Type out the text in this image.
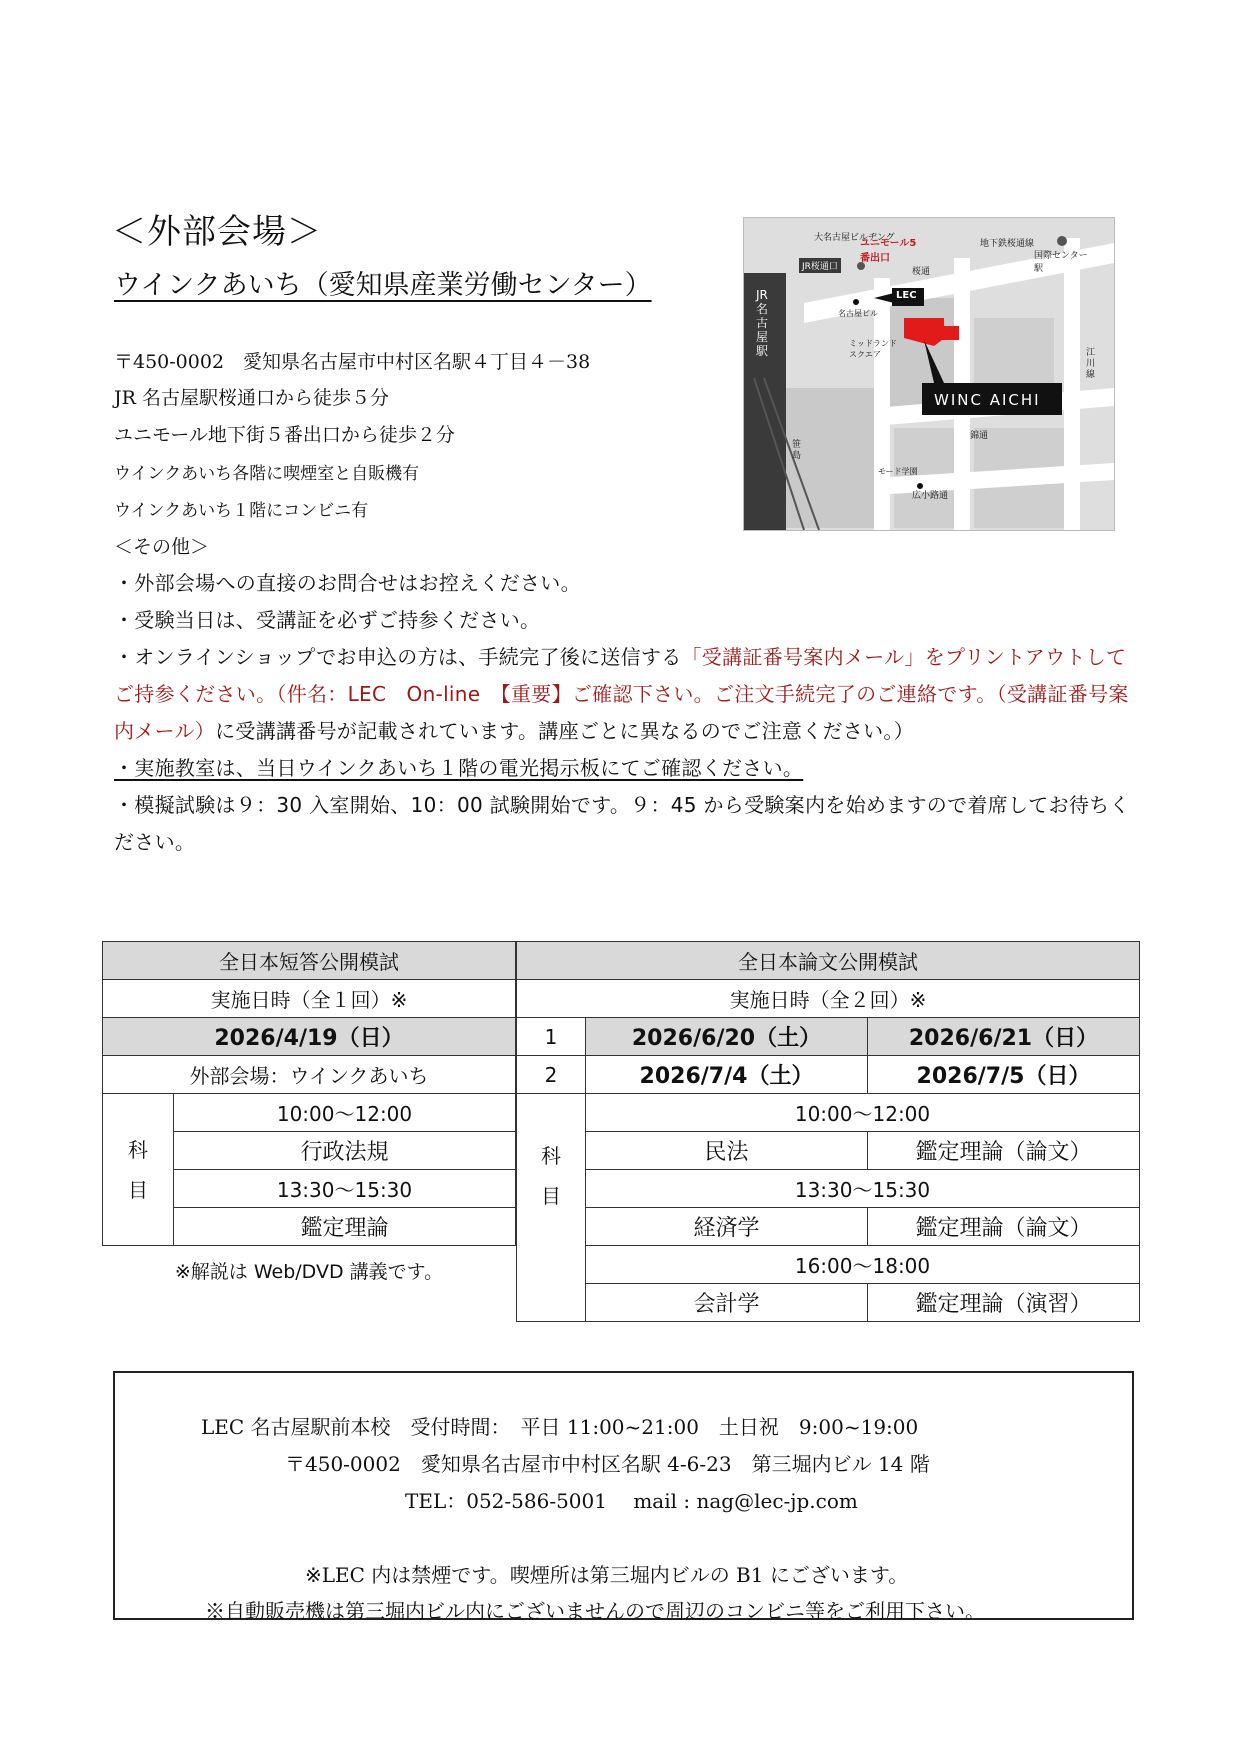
＜外部会場＞
ウインクあいち（愛知県産業労働センター）
〒450-0002　愛知県名古屋市中村区名駅４丁目４－38
JR 名古屋駅桜通口から徒歩５分
ユニモール地下街５番出口から徒歩２分
ウインクあいち各階に喫煙室と自販機有
ウインクあいち１階にコンビニ有
＜その他＞
・外部会場への直接のお問合せはお控えください。
・受験当日は、受講証を必ずご持参ください。
・オンラインショップでお申込の方は、手続完了後に送信する「受講証番号案内メール」をプリントアウトしてご持参ください。（件名：LEC　On-line　【重要】ご確認下さい。ご注文手続完了のご連絡です。（受講証番号案内メール）に受講講番号が記載されています。講座ごとに異なるのでご注意ください。）
・実施教室は、当日ウインクあいち１階の電光掲示板にてご確認ください。
・模擬試験は９：30 入室開始、10：00 試験開始です。９：45 から受験案内を始めますので着席してお待ちください。
大名古屋ビルヂング
ユニモール5番出口
地下鉄桜通線
国際センター駅
JR桜通口	桜通
LEC
名古屋ビル
JR名古屋駅
ミッドランドスクエア	江川線
WINC AICHI
錦通
笹島
モード学園
広小路通
全日本短答公開模試
実施日時（全１回）※
2026/4/19（日）
外部会場：ウインクあいち
科目	10:00～12:00
行政法規
13:30～15:30
鑑定理論
※解説は Web/DVD 講義です。
全日本論文公開模試		
実施日時（全２回）※		
1	2026/6/20（土）	2026/6/21（日）
2	2026/7/4（土）	2026/7/5（日）
科目	10:00～12:00	
	民法	鑑定理論（論文）
	13:30～15:30	
	経済学	鑑定理論（論文）
	16:00～18:00	
	会計学	鑑定理論（演習）
LEC 名古屋駅前本校　受付時間：　平日 11:00~21:00　土日祝　9:00~19:00
〒450-0002　愛知県名古屋市中村区名駅 4-6-23　第三堀内ビル 14 階
TEL：052-586-5001　 mail : nag@lec-jp.com
※LEC 内は禁煙です。喫煙所は第三堀内ビルの B1 にございます。
※自動販売機は第三堀内ビル内にございませんので周辺のコンビニ等をご利用下さい。
